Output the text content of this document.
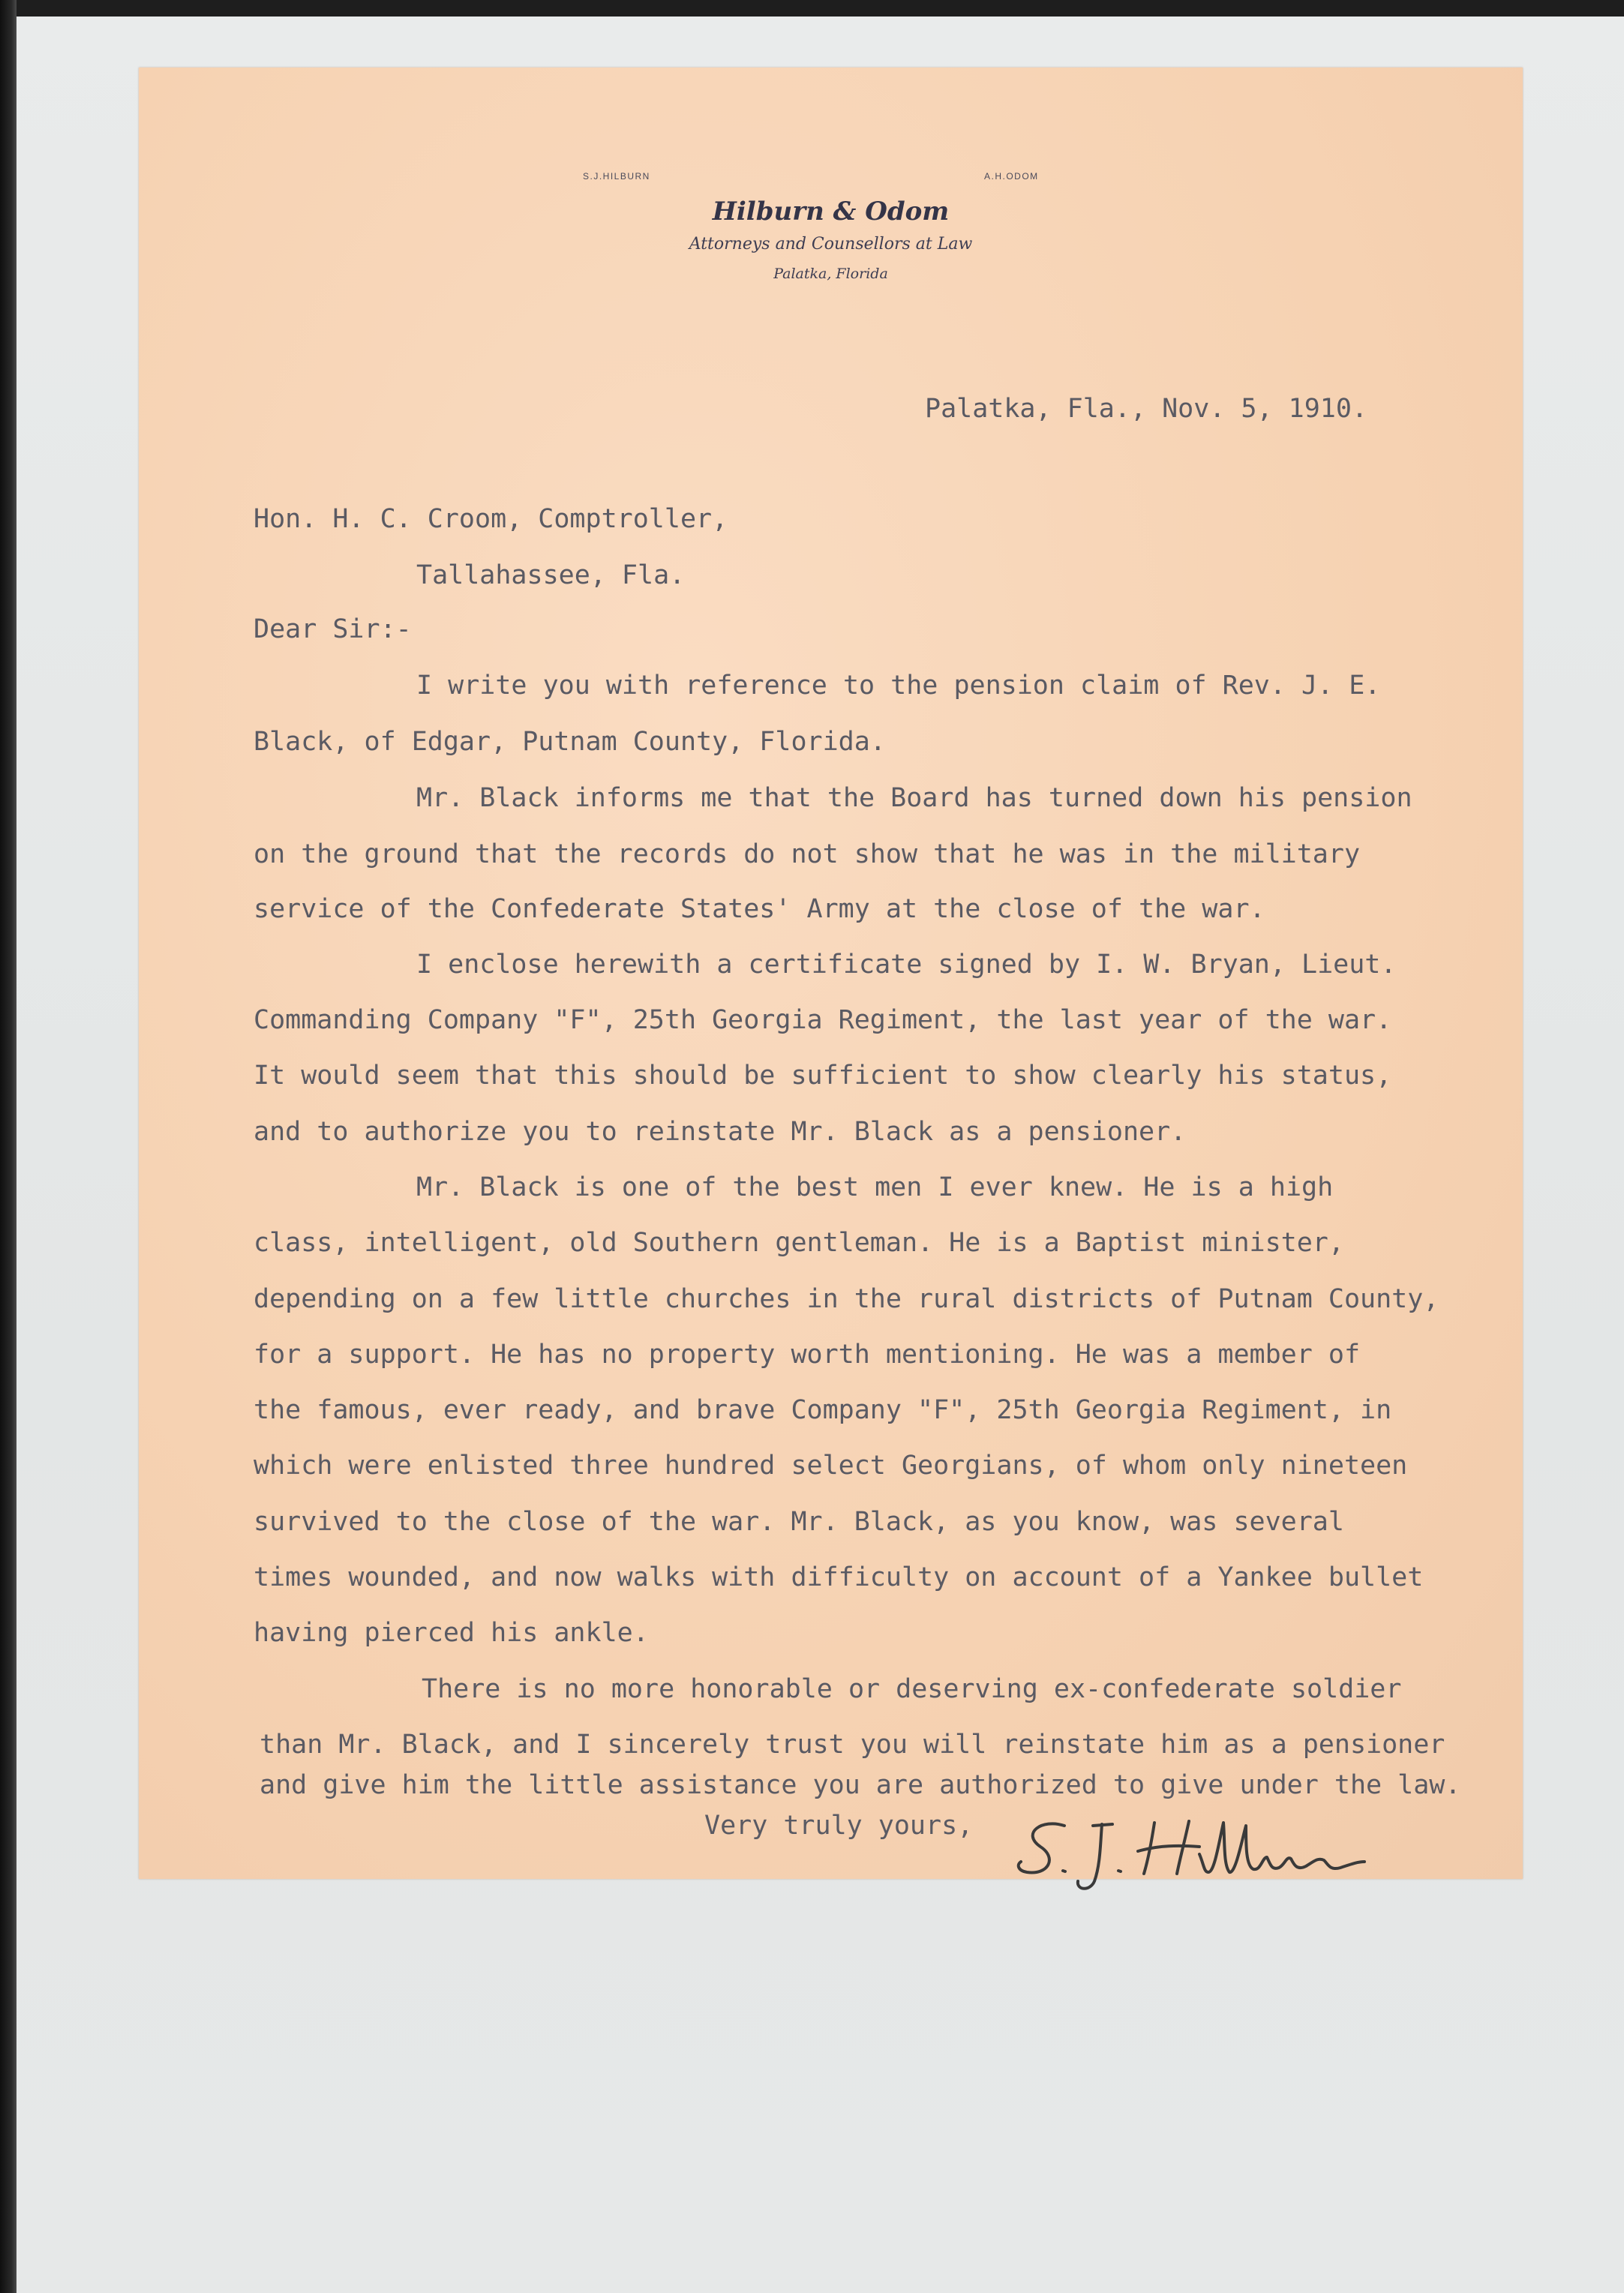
S.J.HILBURN	A.H.ODOM
Hilburn & Odom
Attorneys and Counsellors at Law
Palatka, Florida
Palatka, Fla., Nov. 5, 1910.
Hon. H. C. Croom, Comptroller,
Tallahassee, Fla.
Dear Sir:-
I write you with reference to the pension claim of Rev. J. E.
Black, of Edgar, Putnam County, Florida.
Mr. Black informs me that the Board has turned down his pension
on the ground that the records do not show that he was in the military
service of the Confederate States' Army at the close of the war.
I enclose herewith a certificate signed by I. W. Bryan, Lieut.
Commanding Company "F", 25th Georgia Regiment, the last year of the war.
It would seem that this should be sufficient to show clearly his status,
and to authorize you to reinstate Mr. Black as a pensioner.
Mr. Black is one of the best men I ever knew. He is a high
class, intelligent, old Southern gentleman. He is a Baptist minister,
depending on a few little churches in the rural districts of Putnam County,
for a support. He has no property worth mentioning. He was a member of
the famous, ever ready, and brave Company "F", 25th Georgia Regiment, in
which were enlisted three hundred select Georgians, of whom only nineteen
survived to the close of the war. Mr. Black, as you know, was several
times wounded, and now walks with difficulty on account of a Yankee bullet
having pierced his ankle.
There is no more honorable or deserving ex-confederate soldier
than Mr. Black, and I sincerely trust you will reinstate him as a pensioner
and give him the little assistance you are authorized to give under the law.
Very truly yours,
